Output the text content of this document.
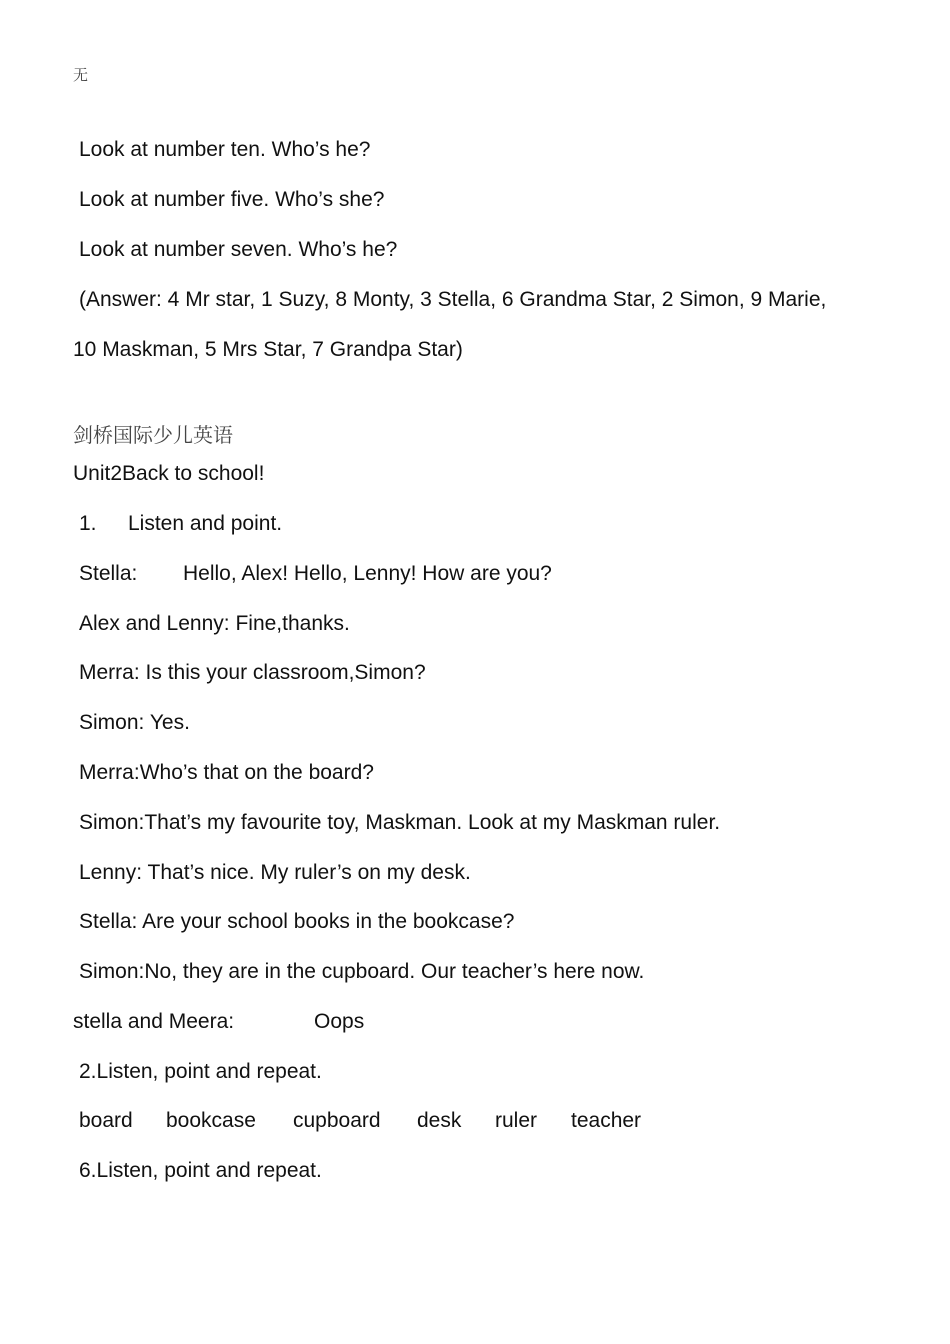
无
Look at number ten. Who’s he?
Look at number five. Who’s she?
Look at number seven. Who’s he?
(Answer: 4 Mr star, 1 Suzy, 8 Monty, 3 Stella, 6 Grandma Star, 2 Simon, 9 Marie,
10 Maskman, 5 Mrs Star, 7 Grandpa Star)
剑桥国际少儿英语
Unit2Back to school!
1. Listen and point.
Stella: Hello, Alex! Hello, Lenny! How are you?
Alex and Lenny: Fine,thanks.
Merra: Is this your classroom,Simon?
Simon: Yes.
Merra:Who’s that on the board?
Simon:That’s my favourite toy, Maskman. Look at my Maskman ruler.
Lenny: That’s nice. My ruler’s on my desk.
Stella: Are your school books in the bookcase?
Simon:No, they are in the cupboard. Our teacher’s here now.
stella and Meera:	Oops
2.Listen, point and repeat.
board bookcase cupboard desk ruler teacher
6.Listen, point and repeat.
